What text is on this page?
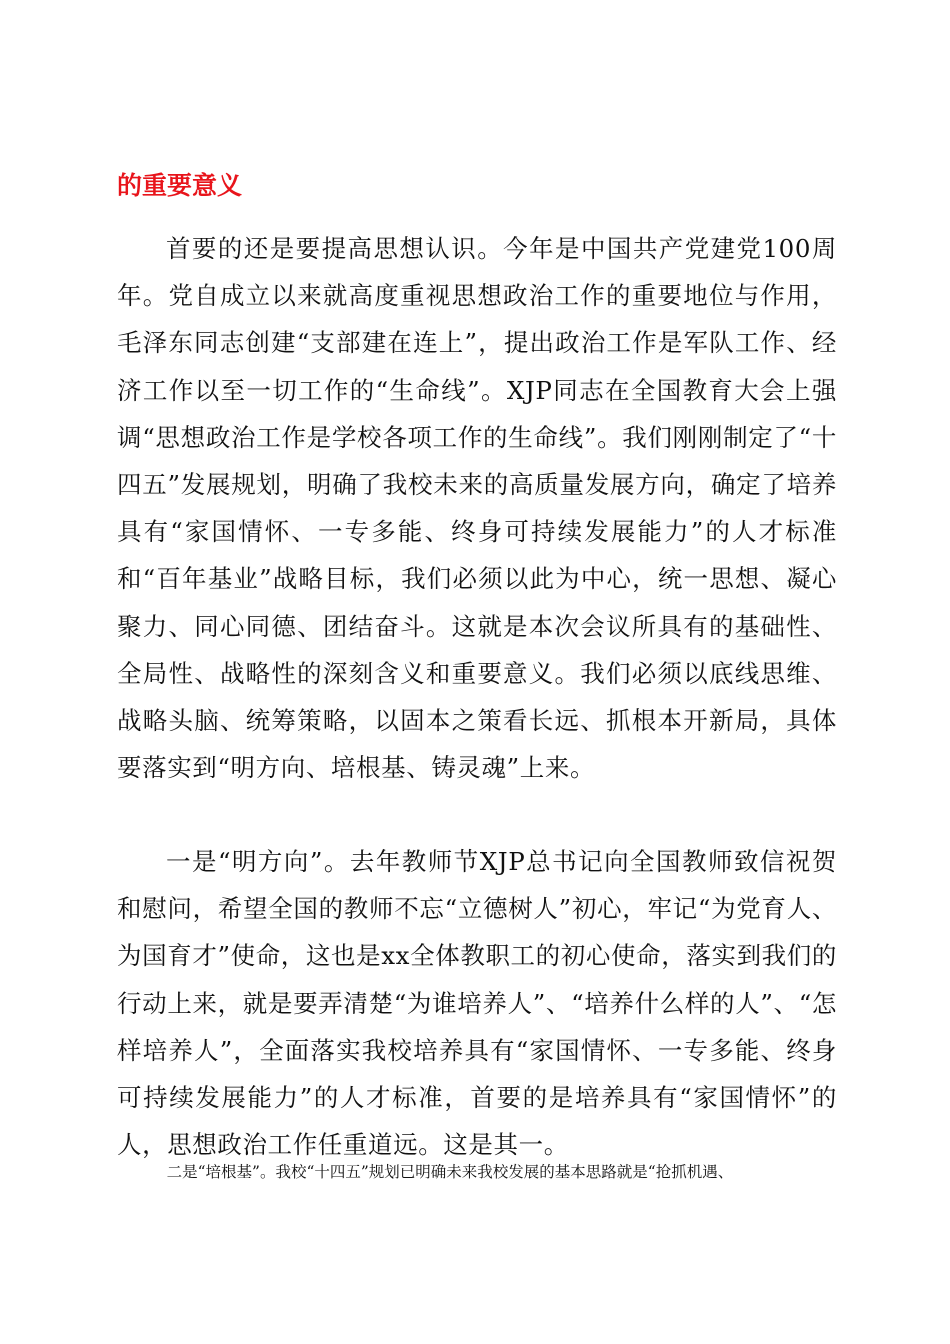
的重要意义

首要的还是要提高思想认识。今年是中国共产党建党100周年。党自成立以来就高度重视思想政治工作的重要地位与作用，毛泽东同志创建“支部建在连上”，提出政治工作是军队工作、经济工作以至一切工作的“生命线”。XJP同志在全国教育大会上强调“思想政治工作是学校各项工作的生命线”。我们刚刚制定了“十四五”发展规划，明确了我校未来的高质量发展方向，确定了培养具有“家国情怀、一专多能、终身可持续发展能力”的人才标准和“百年基业”战略目标，我们必须以此为中心，统一思想、凝心聚力、同心同德、团结奋斗。这就是本次会议所具有的基础性、全局性、战略性的深刻含义和重要意义。我们必须以底线思维、战略头脑、统筹策略，以固本之策看长远、抓根本开新局，具体要落实到“明方向、培根基、铸灵魂”上来。

一是“明方向”。去年教师节XJP总书记向全国教师致信祝贺和慰问，希望全国的教师不忘“立德树人”初心，牢记“为党育人、为国育才”使命，这也是xx全体教职工的初心使命，落实到我们的行动上来，就是要弄清楚“为谁培养人”、“培养什么样的人”、“怎样培养人”，全面落实我校培养具有“家国情怀、一专多能、终身可持续发展能力”的人才标准，首要的是培养具有“家国情怀”的人，思想政治工作任重道远。这是其一。

二是“培根基”。我校“十四五”规划已明确未来我校发展的基本思路就是“抢抓机遇、
